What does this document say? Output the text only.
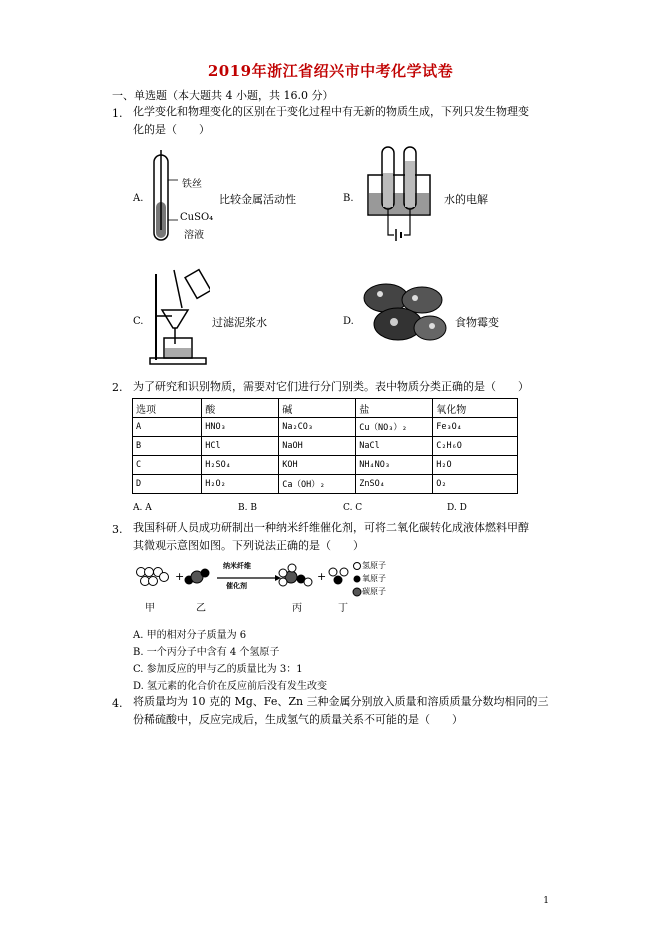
2019年浙江省绍兴市中考化学试卷
一、单选题（本大题共 4 小题，共 16.0 分）
1. 化学变化和物理变化的区别在于变化过程中有无新的物质生成，下列只发生物理变
化的是（　　）
A.
铁丝
CuSO₄
溶液
比较金属活动性	B.	水的电解
C.	过滤泥浆水	D.	食物霉变
2. 为了研究和识别物质，需要对它们进行分门别类。表中物质分类正确的是（　　）
选项	酸	碱	盐	氧化物
A	HNO₃	Na₂CO₃	Cu（NO₃）₂	Fe₃O₄
B	HCl	NaOH	NaCl	C₂H₆O
C	H₂SO₄	KOH	NH₄NO₃	H₂O
D	H₂O₂	Ca（OH）₂	ZnSO₄	O₂
A. A	B. B	C. C	D. D
3. 我国科研人员成功研制出一种纳米纤维催化剂，可将二氧化碳转化成液体燃料甲醇
其微观示意图如图。下列说法正确的是（　　）
+	+
纳米纤维
催化剂
甲	乙	丙	丁
氢原子
氧原子
碳原子
A. 甲的相对分子质量为 6
B. 一个丙分子中含有 4 个氢原子
C. 参加反应的甲与乙的质量比为 3：1
D. 氢元素的化合价在反应前后没有发生改变
4. 将质量均为 10 克的 Mg、Fe、Zn 三种金属分别放入质量和溶质质量分数均相同的三
份稀硫酸中，反应完成后，生成氢气的质量关系不可能的是（　　）
1
